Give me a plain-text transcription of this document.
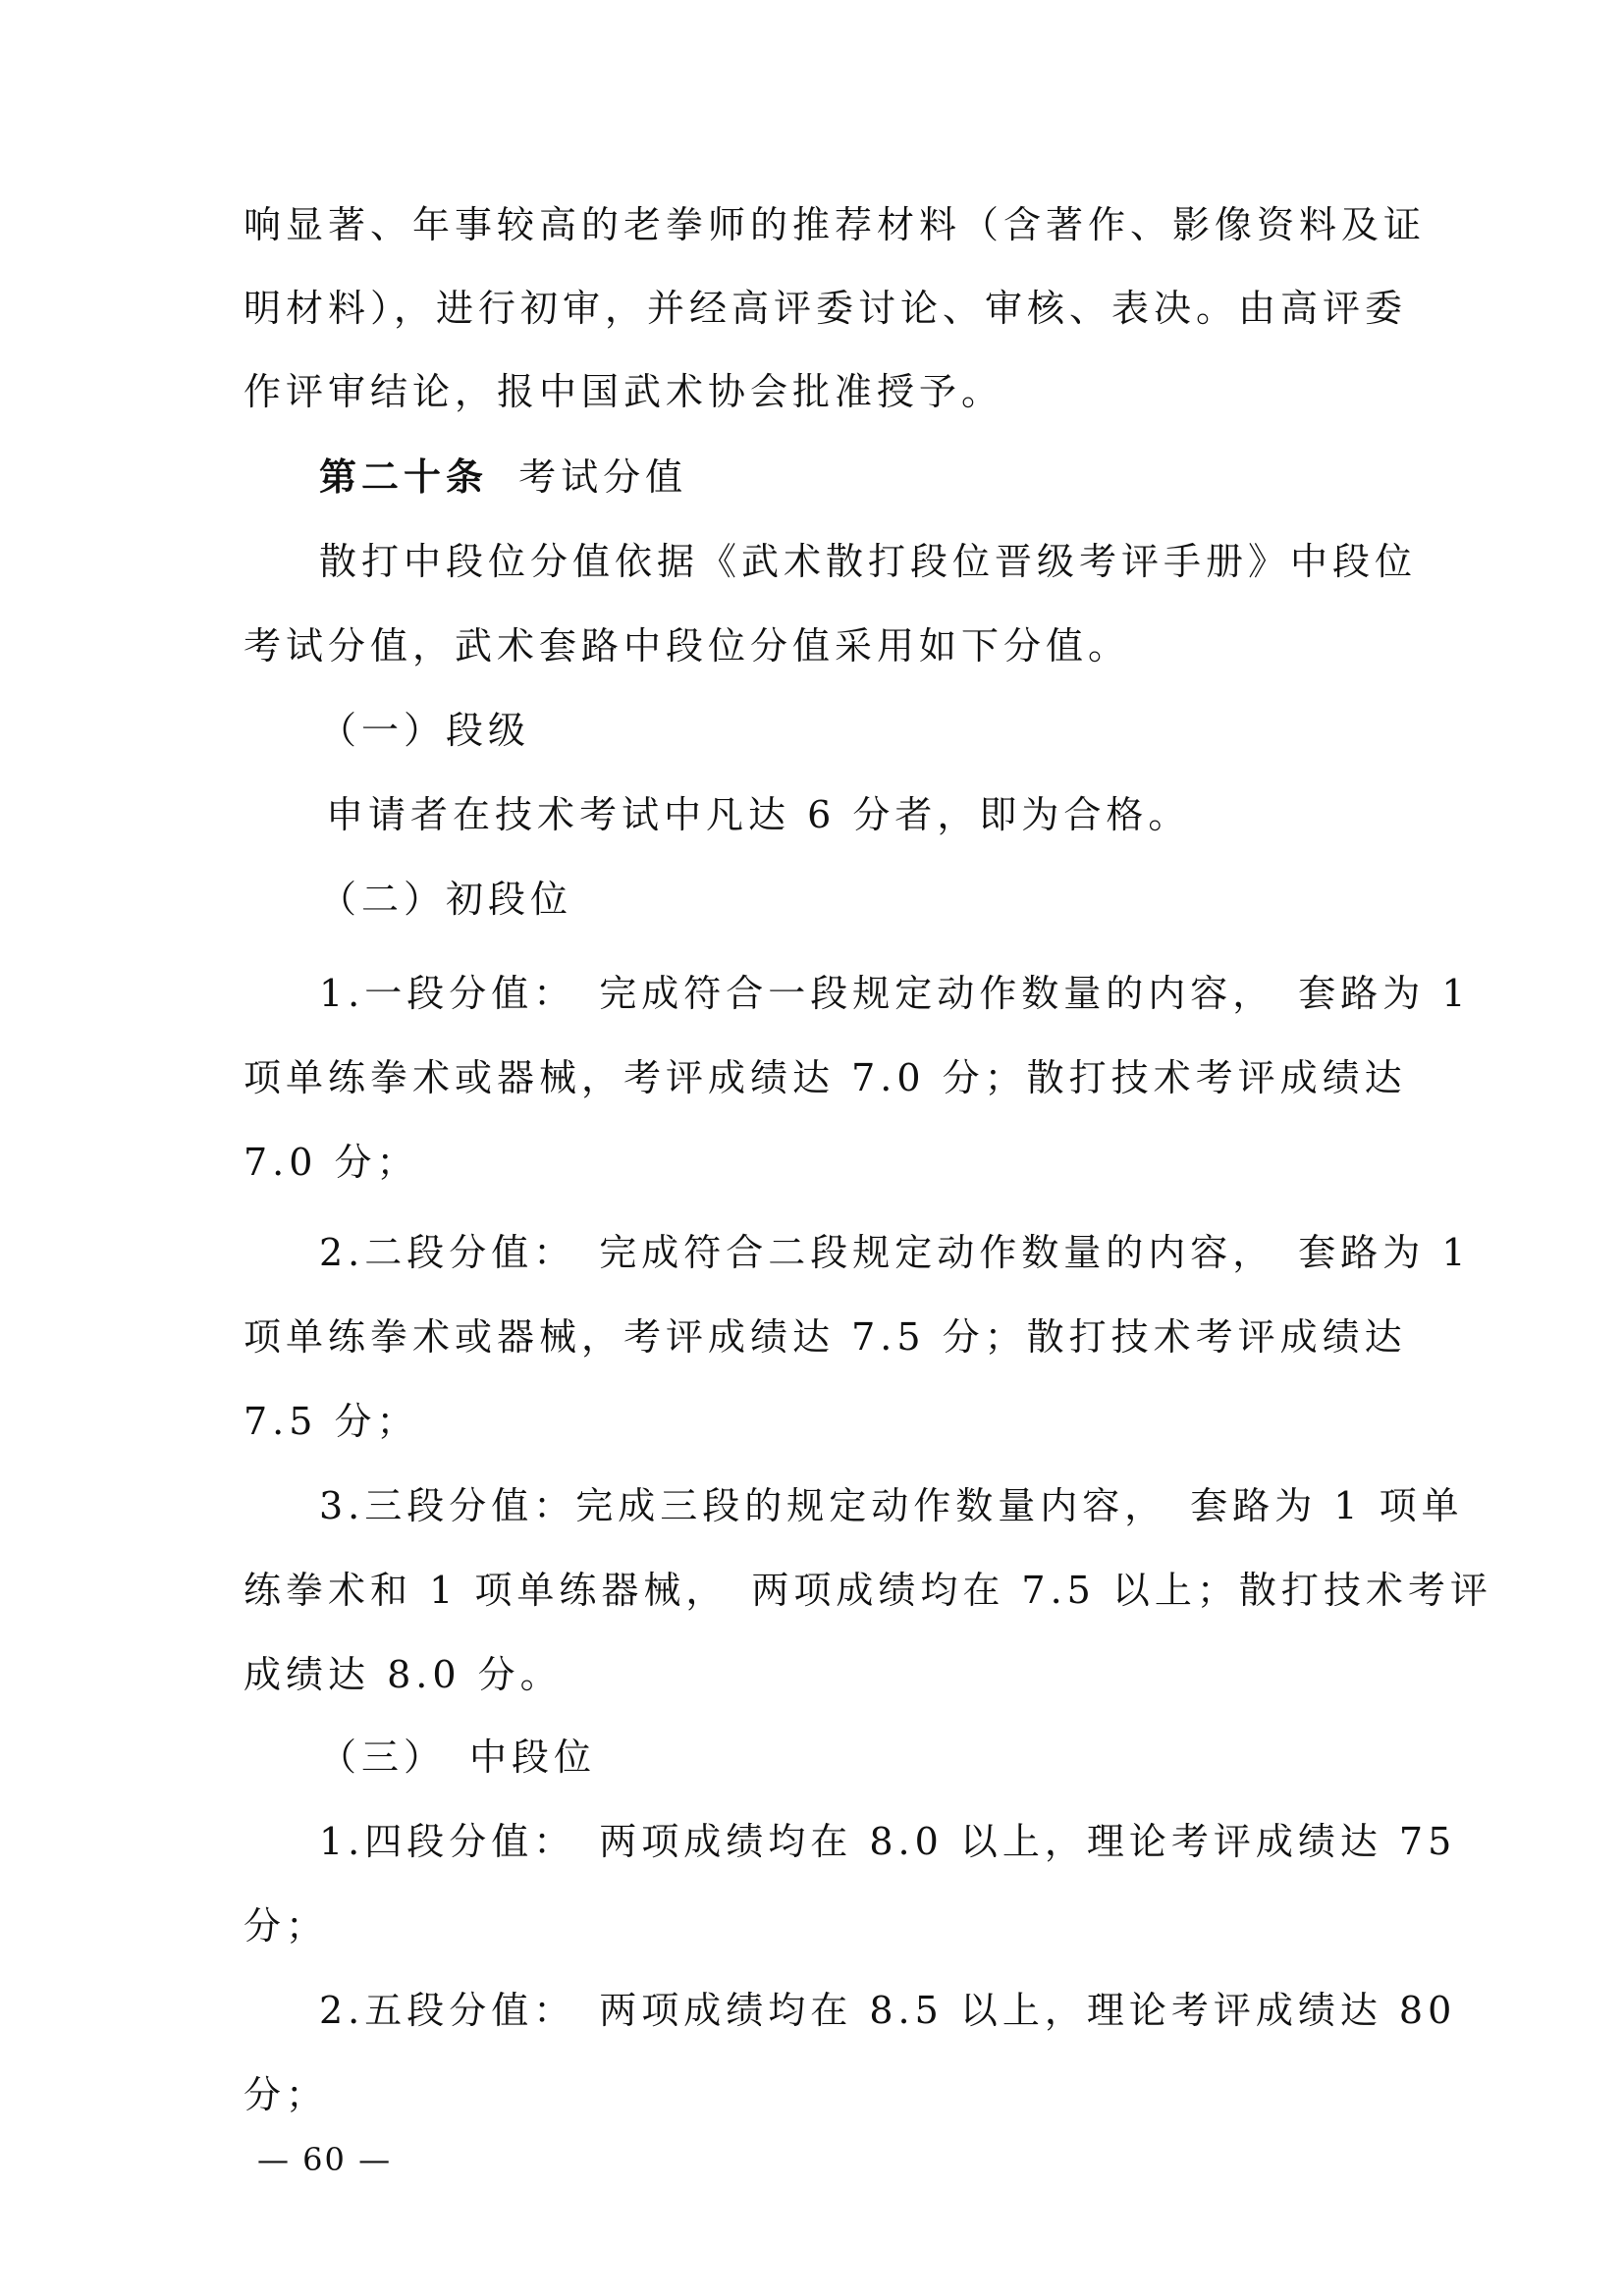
响显著、年事较高的老拳师的推荐材料（含著作、影像资料及证

明材料），进行初审，并经高评委讨论、审核、表决。由高评委

作评审结论，报中国武术协会批准授予。

第二十条 考试分值

散打中段位分值依据《武术散打段位晋级考评手册》中段位

考试分值，武术套路中段位分值采用如下分值。

（一）段级

申请者在技术考试中凡达 6 分者，即为合格。

（二）初段位

1.一段分值：　完成符合一段规定动作数量的内容，　套路为 1

项单练拳术或器械，考评成绩达 7.0 分；散打技术考评成绩达

7.0 分；

2.二段分值：　完成符合二段规定动作数量的内容，　套路为 1

项单练拳术或器械，考评成绩达 7.5 分；散打技术考评成绩达

7.5 分；

3.三段分值：完成三段的规定动作数量内容，　套路为 1 项单

练拳术和 1 项单练器械，　两项成绩均在 7.5 以上；散打技术考评

成绩达 8.0 分。

（三）　中段位

1.四段分值：　两项成绩均在 8.0 以上，理论考评成绩达 75

分；

2.五段分值：　两项成绩均在 8.5 以上，理论考评成绩达 80

分；

— 60 —
